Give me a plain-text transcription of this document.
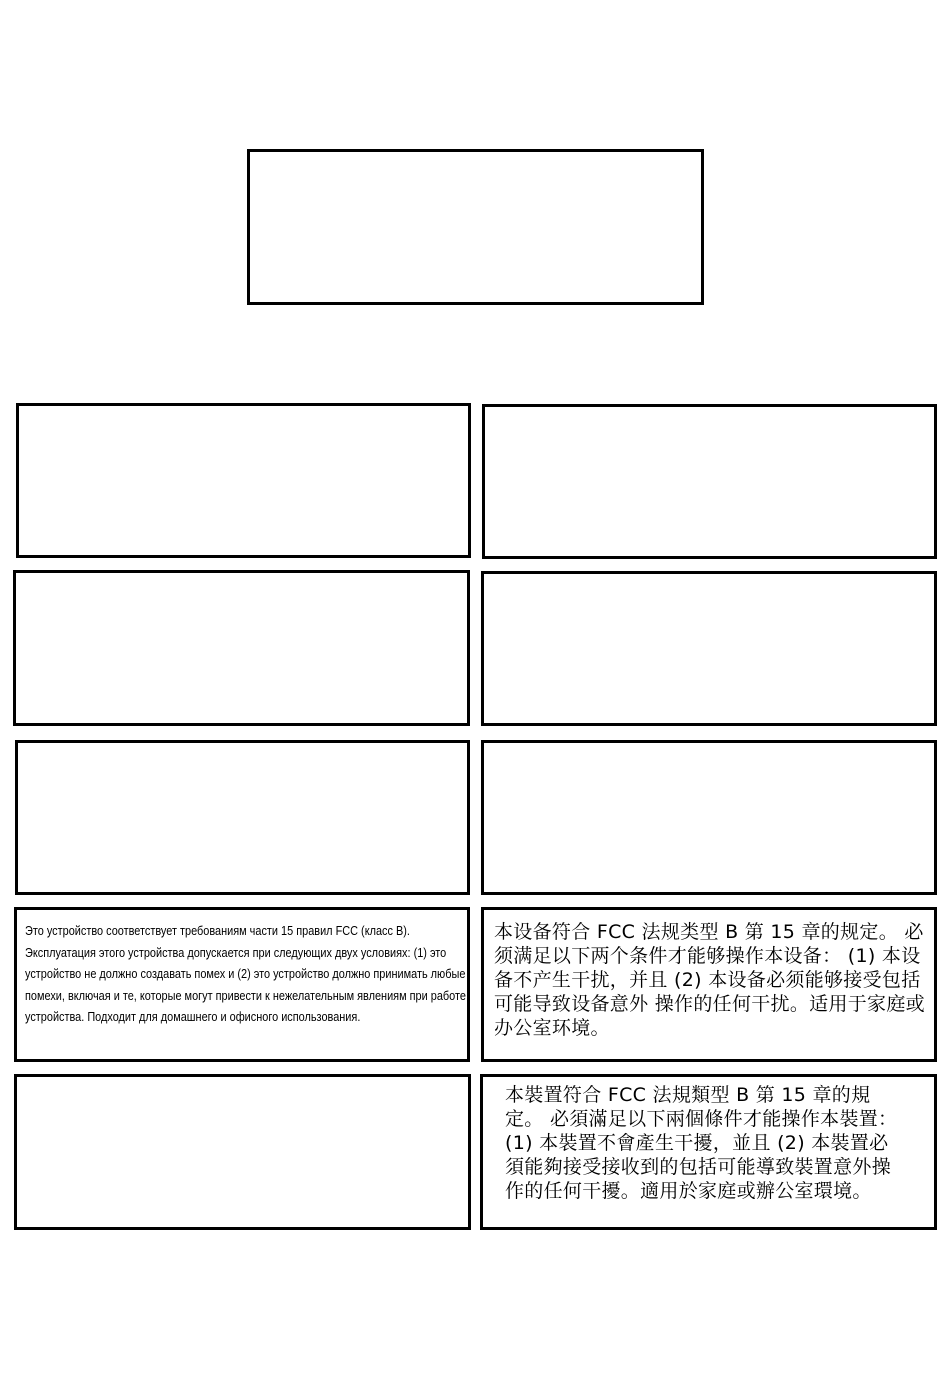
Это устройство соответствует требованиям части 15 правил FCC (класс B). Эксплуатация этого устройства допускается при следующих двух условиях: (1) это устройство не должно создавать помех и (2) это устройство должно принимать любые помехи, включая и те, которые могут привести к нежелательным явлениям при работе устройства. Подходит для домашнего и офисного использования.
本设备符合 FCC 法规类型 B 第 15 章的规定。 必须满足以下两个条件才能够操作本设备： (1) 本设备不产生干扰，并且 (2) 本设备必须能够接受包括可能导致设备意外 操作的任何干扰。适用于家庭或办公室环境。
本裝置符合 FCC 法規類型 B 第 15 章的規定。 必須滿足以下兩個條件才能操作本裝置：(1) 本裝置不會產生干擾，並且 (2) 本裝置必須能夠接受接收到的包括可能導致裝置意外操作的任何干擾。適用於家庭或辦公室環境。
